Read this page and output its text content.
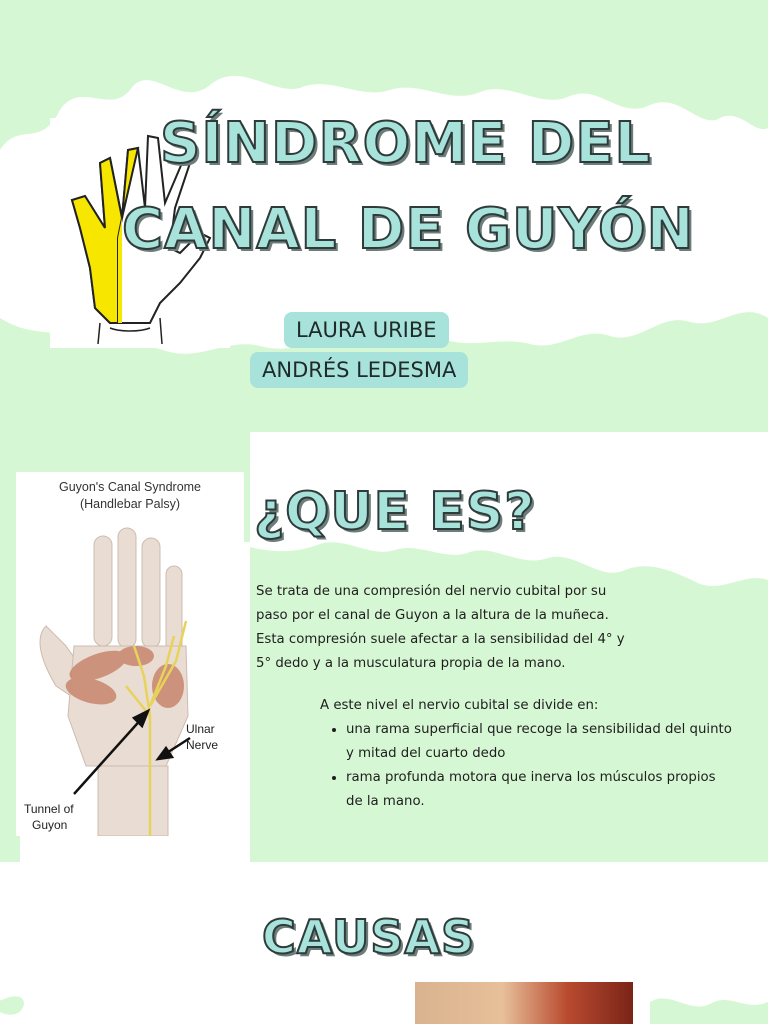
SÍNDROME DEL
CANAL DE GUYÓN
LAURA URIBE
ANDRÉS LEDESMA
Guyon's Canal Syndrome
(Handlebar Palsy)
Ulnar
Nerve
Tunnel of
Guyon
¿QUE ES?
Se trata de una compresión del nervio cubital por su
paso por el canal de Guyon a la altura de la muñeca.
Esta compresión suele afectar a la sensibilidad del 4° y
5° dedo y a la musculatura propia de la mano.
A este nivel el nervio cubital se divide en:
• una rama superficial que recoge la sensibilidad del quinto y mitad del cuarto dedo
• rama profunda motora que inerva los músculos propios de la mano.
CAUSAS
